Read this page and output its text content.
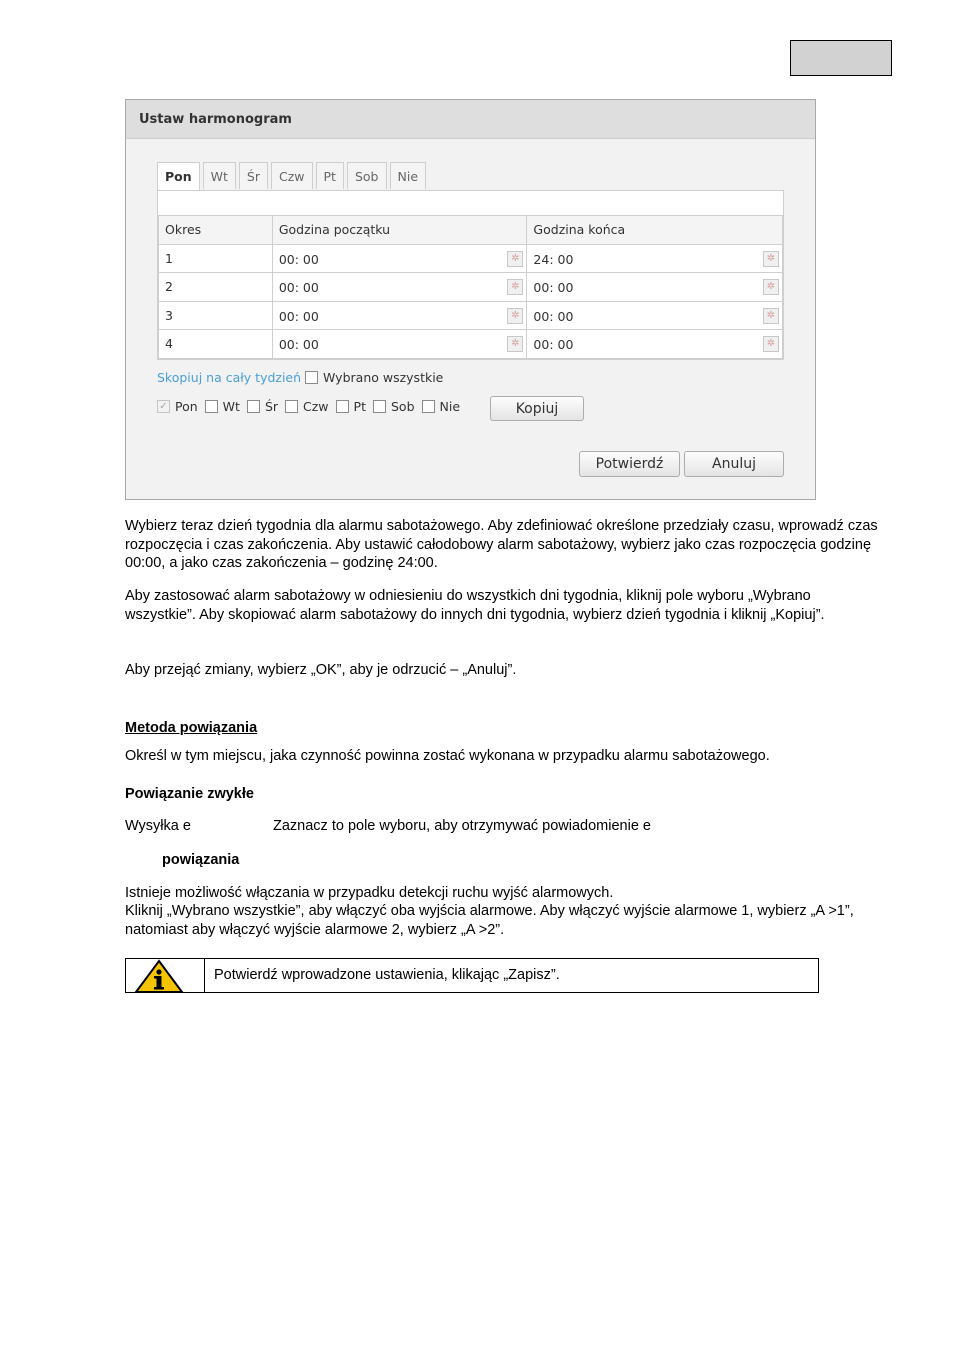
Ustaw harmonogram
Pon	Wt	Śr	Czw	Pt	Sob	Nie
Okres	Godzina początku	Godzina końca
1	00: 00 ✲	24: 00 ✲

2	00: 00 ✲	00: 00 ✲

3	00: 00 ✲	00: 00 ✲

4	00: 00 ✲	00: 00 ✲
Skopiuj na cały tydzień Wybrano wszystkie
✓ Pon Wt Śr Czw Pt Sob Nie	Kopiuj
Potwierdź	Anuluj
Wybierz teraz dzień tygodnia dla alarmu sabotażowego. Aby zdefiniować określone przedziały czasu, wprowadź czas rozpoczęcia i czas zakończenia. Aby ustawić całodobowy alarm sabotażowy, wybierz jako czas rozpoczęcia godzinę 00:00, a jako czas zakończenia – godzinę 24:00.
Aby zastosować alarm sabotażowy w odniesieniu do wszystkich dni tygodnia, kliknij pole wyboru „Wybrano wszystkie”. Aby skopiować alarm sabotażowy do innych dni tygodnia, wybierz dzień tygodnia i kliknij „Kopiuj”.
Aby przejąć zmiany, wybierz „OK”, aby je odrzucić – „Anuluj”.
Metoda powiązania
Określ w tym miejscu, jaka czynność powinna zostać wykonana w przypadku alarmu sabotażowego.
Powiązanie zwykłe
Wysyłka e	Zaznacz to pole wyboru, aby otrzymywać powiadomienie e
powiązania
Istnieje możliwość włączania w przypadku detekcji ruchu wyjść alarmowych.
Kliknij „Wybrano wszystkie”, aby włączyć oba wyjścia alarmowe. Aby włączyć wyjście alarmowe 1, wybierz „A >1”, natomiast aby włączyć wyjście alarmowe 2, wybierz „A >2”.
Potwierdź wprowadzone ustawienia, klikając „Zapisz”.
